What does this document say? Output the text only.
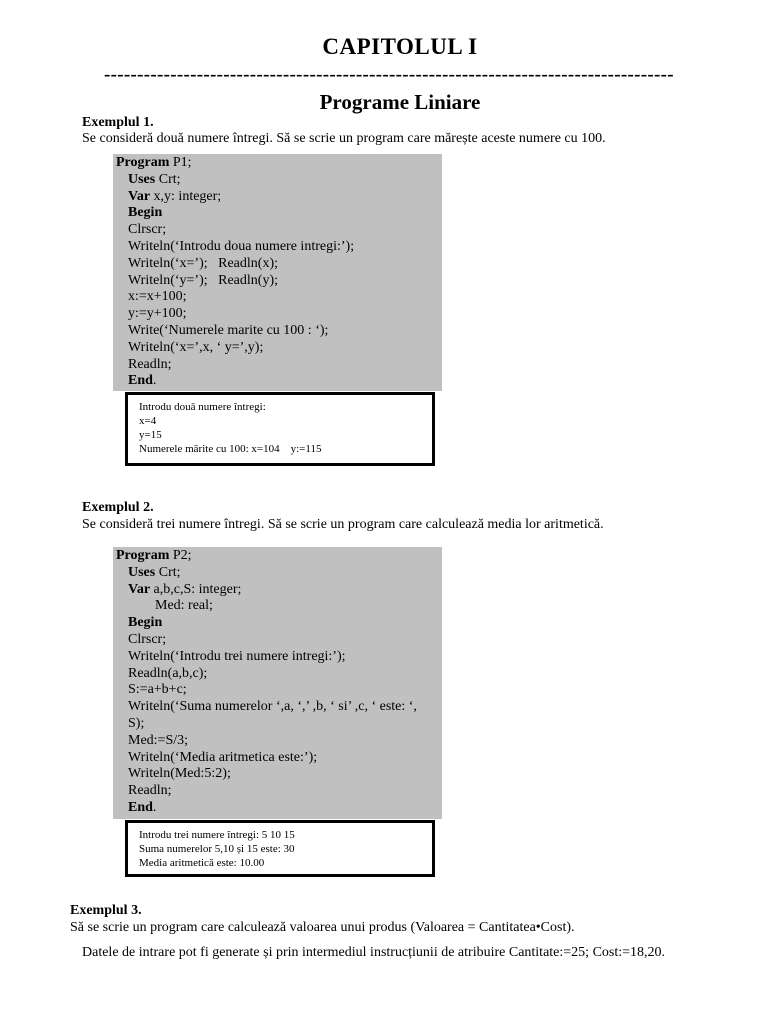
CAPITOLUL I
--------------------------------------------------------------------------------------
Programe Liniare
Exemplul 1.
Se consideră două numere întregi. Să se scrie un program care mărește aceste numere cu 100.
Program P1;
Uses Crt;
Var x,y: integer;
Begin
Clrscr;
Writeln(‘Introdu doua numere intregi:’);
Writeln(‘x=’);   Readln(x);
Writeln(‘y=’);   Readln(y);
x:=x+100;
y:=y+100;
Write(‘Numerele marite cu 100 : ‘);
Writeln(‘x=’,x, ‘ y=’,y);
Readln;
End.
Introdu două numere întregi:
x=4
y=15
Numerele mărite cu 100: x=104    y:=115
Exemplul 2.
Se consideră trei numere întregi. Să se scrie un program care calculează media lor aritmetică.
Program P2;
Uses Crt;
Var a,b,c,S: integer;
Med: real;
Begin
Clrscr;
Writeln(‘Introdu trei numere intregi:’);
Readln(a,b,c);
S:=a+b+c;
Writeln(‘Suma numerelor ‘,a, ‘,’ ,b, ‘ si’ ,c, ‘ este: ‘, S);
Med:=S/3;
Writeln(‘Media aritmetica este:’);
Writeln(Med:5:2);
Readln;
End.
Introdu trei numere întregi: 5 10 15
Suma numerelor 5,10 și 15 este: 30
Media aritmetică este: 10.00
Exemplul 3.
Să se scrie un program care calculează valoarea unui produs (Valoarea = Cantitatea•Cost).
Datele de intrare pot fi generate și prin intermediul instrucțiunii de atribuire Cantitate:=25; Cost:=18,20.
